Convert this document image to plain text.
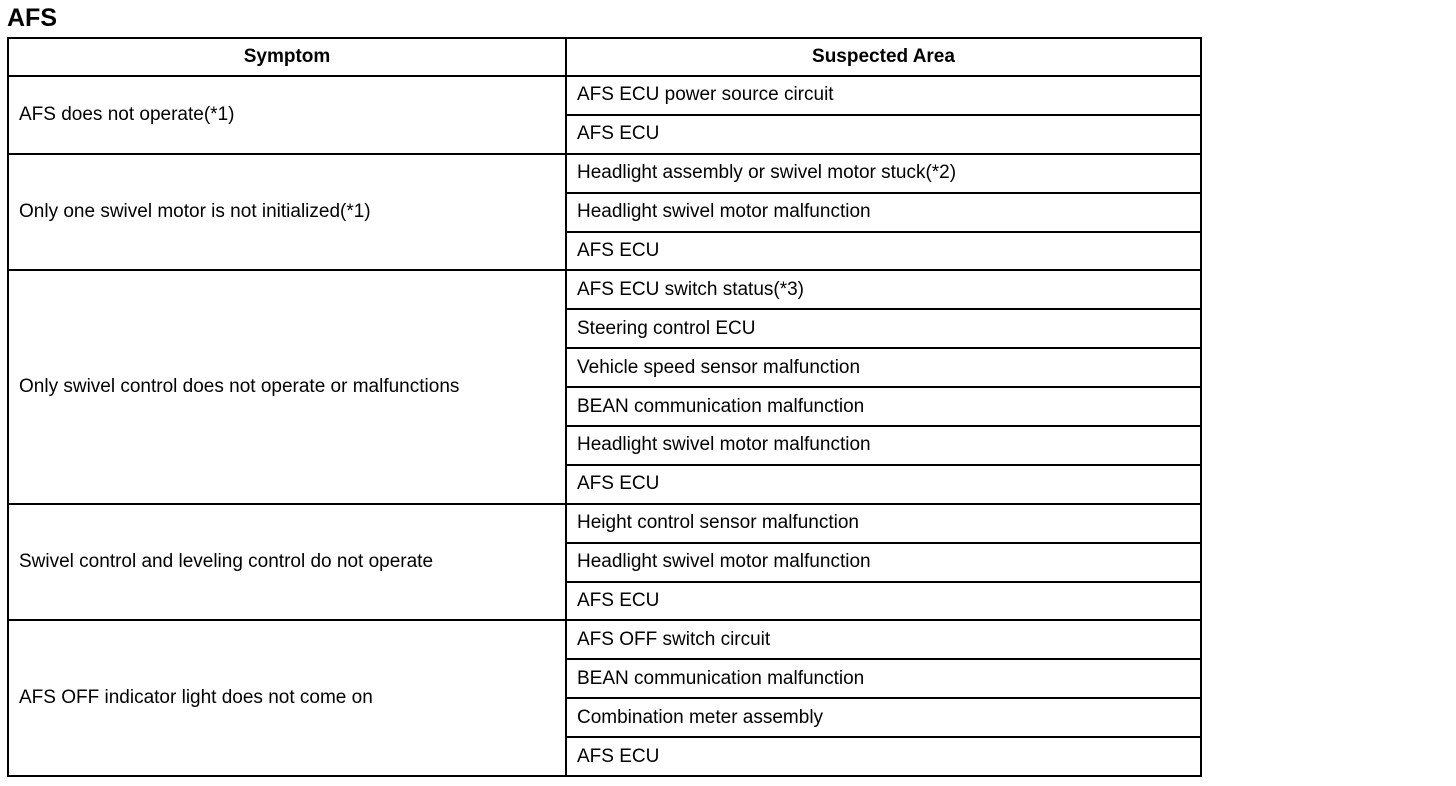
AFS
Symptom	Suspected Area
AFS does not operate(*1)	AFS ECU power source circuit
	AFS ECU
Only one swivel motor is not initialized(*1)	Headlight assembly or swivel motor stuck(*2)
	Headlight swivel motor malfunction
	AFS ECU
Only swivel control does not operate or malfunctions	AFS ECU switch status(*3)
	Steering control ECU
	Vehicle speed sensor malfunction
	BEAN communication malfunction
	Headlight swivel motor malfunction
	AFS ECU
Swivel control and leveling control do not operate	Height control sensor malfunction
	Headlight swivel motor malfunction
	AFS ECU
AFS OFF indicator light does not come on	AFS OFF switch circuit
	BEAN communication malfunction
	Combination meter assembly
	AFS ECU
